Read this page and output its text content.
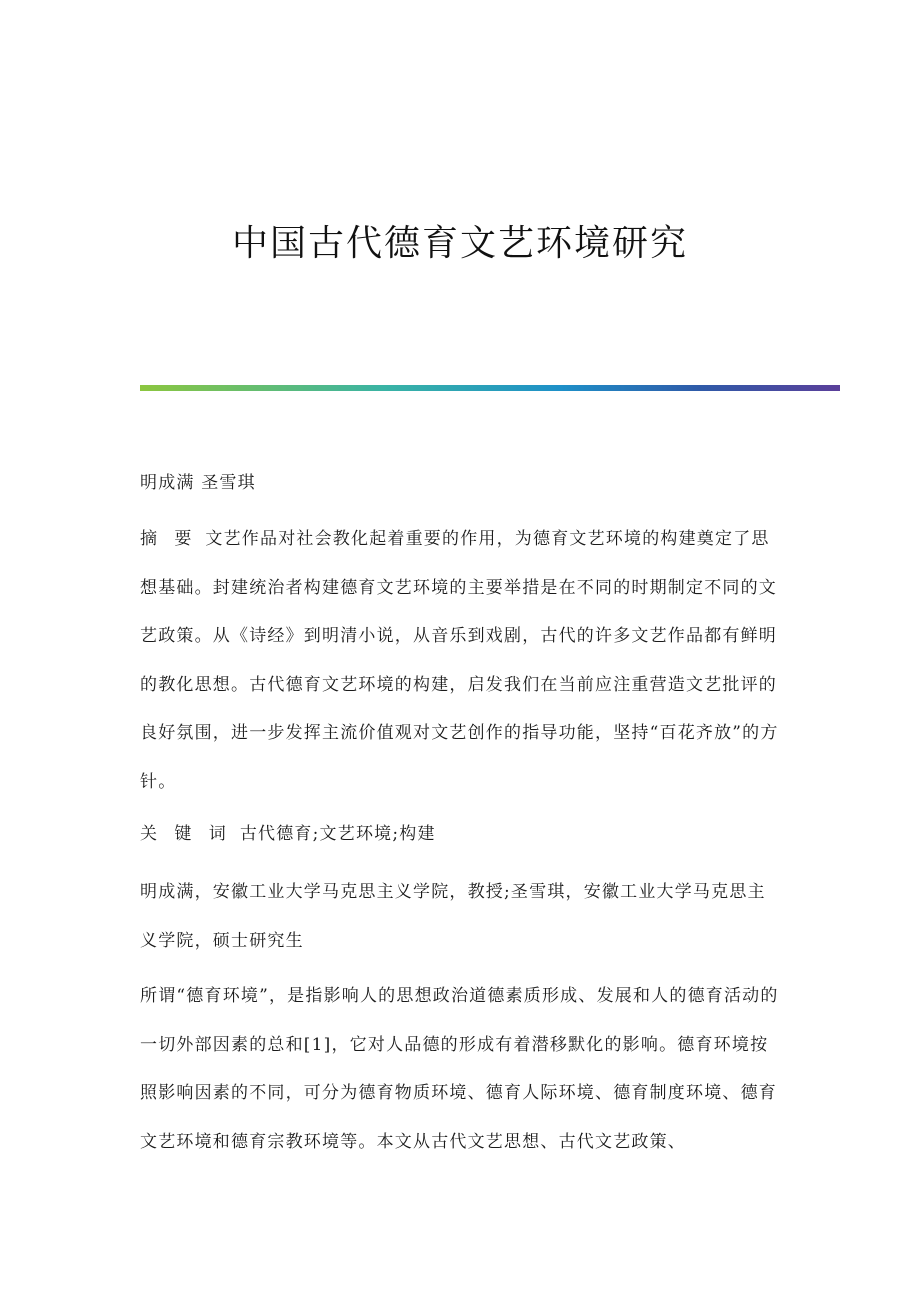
中国古代德育文艺环境研究

明成满 圣雪琪

摘 要 文艺作品对社会教化起着重要的作用，为德育文艺环境的构建奠定了思想基础。封建统治者构建德育文艺环境的主要举措是在不同的时期制定不同的文艺政策。从《诗经》到明清小说，从音乐到戏剧，古代的许多文艺作品都有鲜明的教化思想。古代德育文艺环境的构建，启发我们在当前应注重营造文艺批评的良好氛围，进一步发挥主流价值观对文艺创作的指导功能，坚持“百花齐放”的方针。

关 键 词 古代德育;文艺环境;构建

明成满，安徽工业大学马克思主义学院，教授;圣雪琪，安徽工业大学马克思主义学院，硕士研究生

所谓“德育环境”，是指影响人的思想政治道德素质形成、发展和人的德育活动的一切外部因素的总和[1]，它对人品德的形成有着潜移默化的影响。德育环境按照影响因素的不同，可分为德育物质环境、德育人际环境、德育制度环境、德育文艺环境和德育宗教环境等。本文从古代文艺思想、古代文艺政策、
